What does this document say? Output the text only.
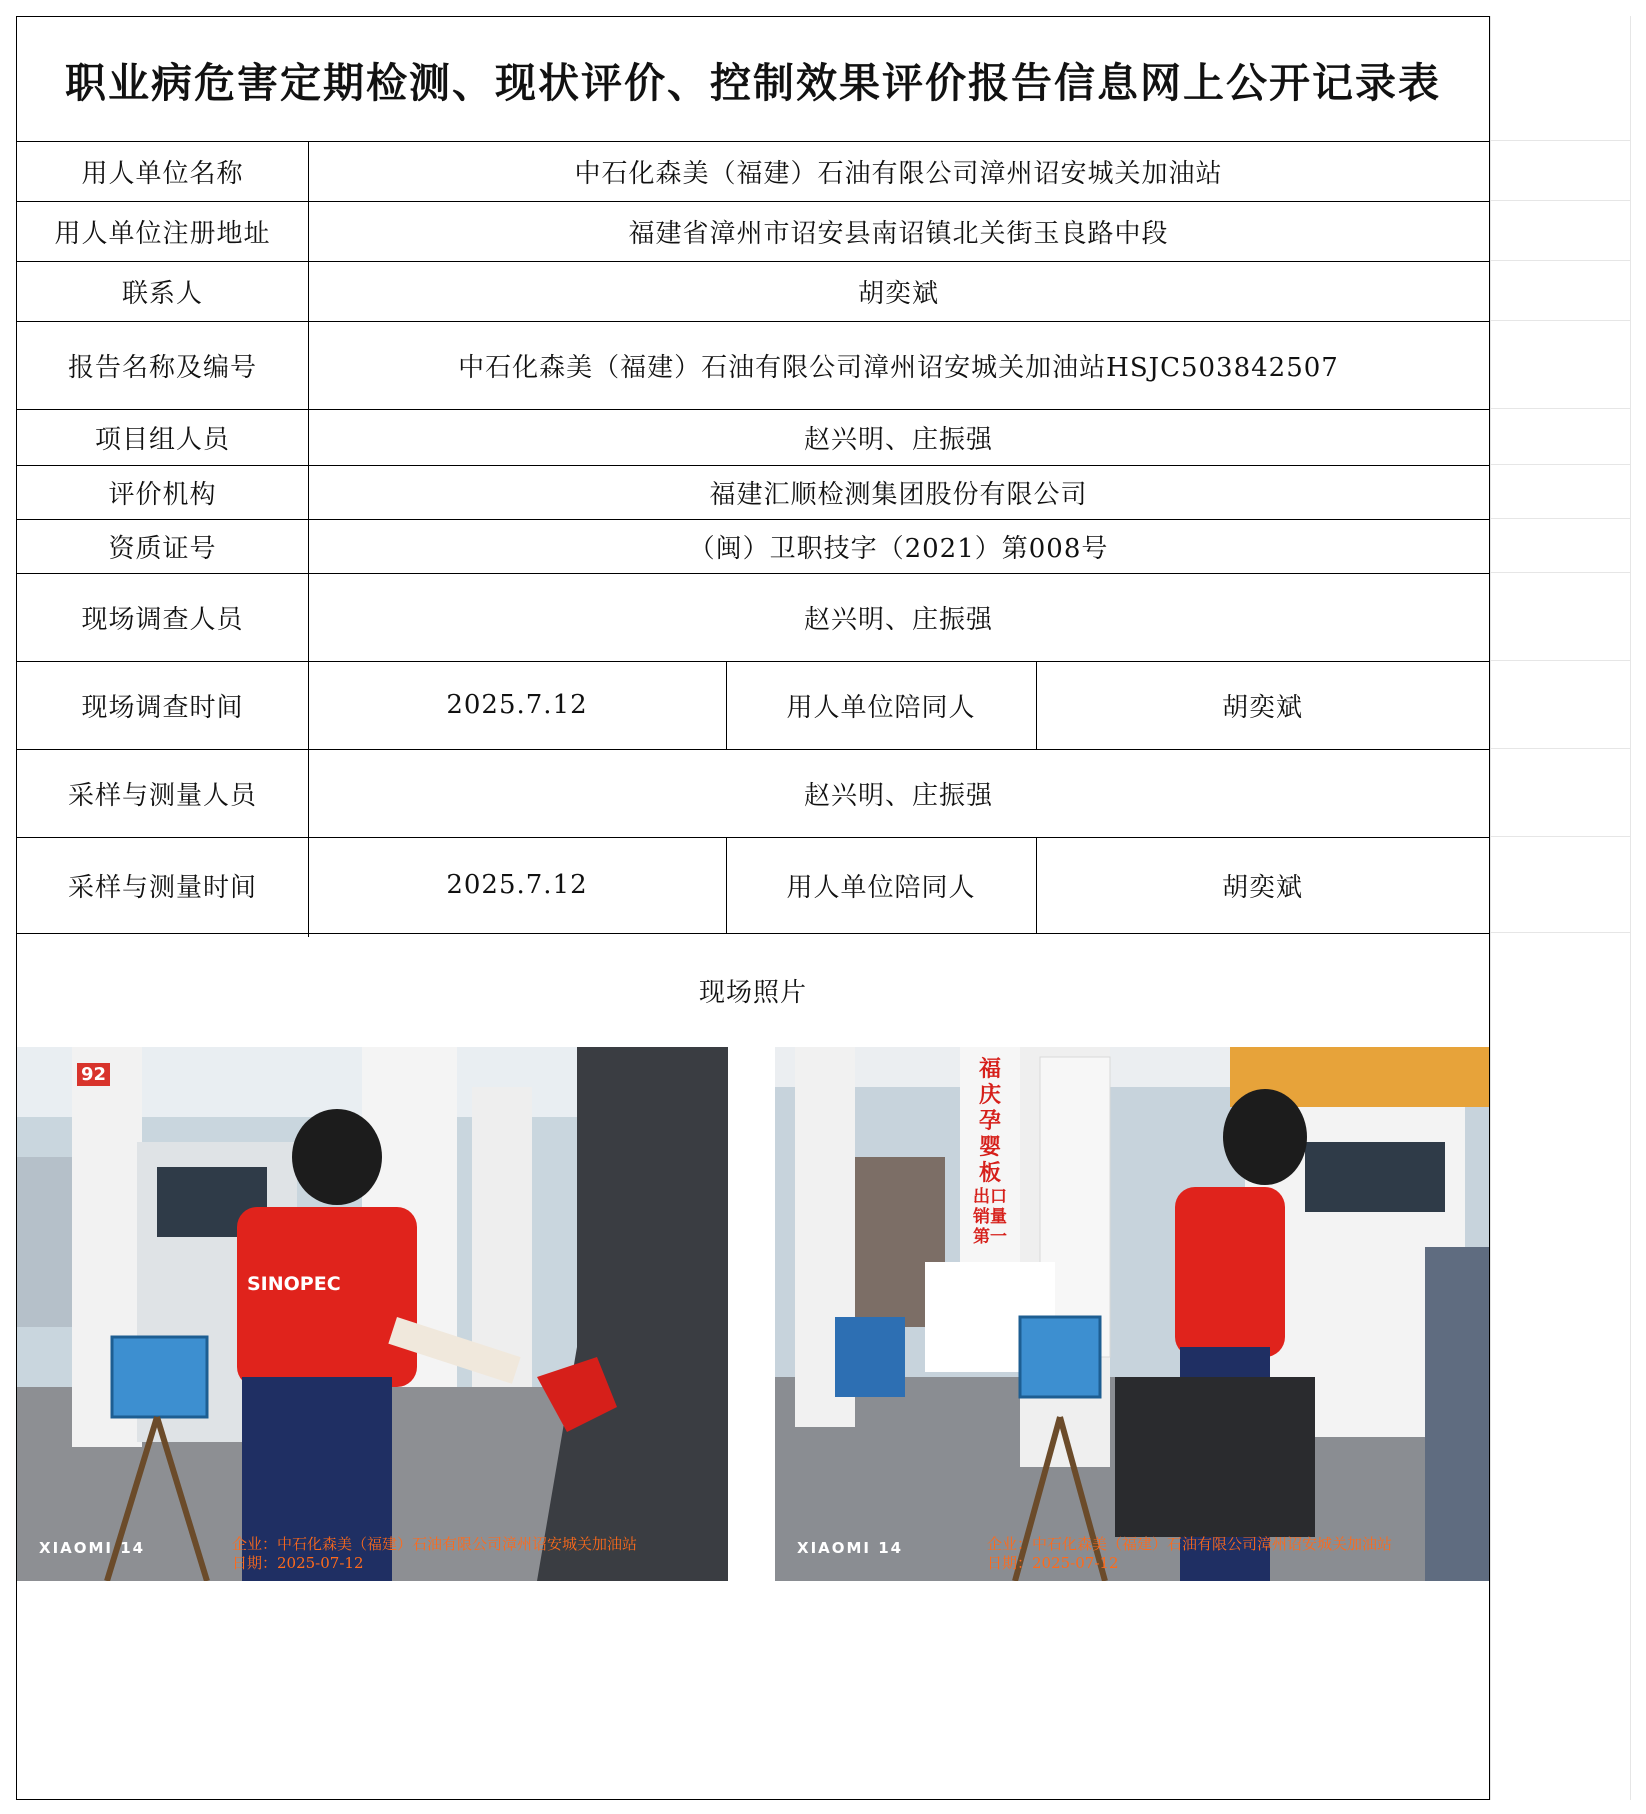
职业病危害定期检测、现状评价、控制效果评价报告信息网上公开记录表
用人单位名称	中石化森美（福建）石油有限公司漳州诏安城关加油站
用人单位注册地址	福建省漳州市诏安县南诏镇北关街玉良路中段
联系人	胡奕斌
报告名称及编号	中石化森美（福建）石油有限公司漳州诏安城关加油站HSJC503842507
项目组人员	赵兴明、庄振强
评价机构	福建汇顺检测集团股份有限公司
资质证号	（闽）卫职技字（2021）第008号
现场调查人员	赵兴明、庄振强
现场调查时间	2025.7.12	用人单位陪同人	胡奕斌
采样与测量人员	赵兴明、庄振强
采样与测量时间	2025.7.12	用人单位陪同人	胡奕斌
现场照片
SINOPEC
92
XIAOMI 14	企业：中石化森美（福建）石油有限公司漳州诏安城关加油站
日期：2025-07-12
福庆孕婴板
出口销量第一
XIAOMI 14	企业：中石化森美（福建）石油有限公司漳州诏安城关加油站
日期：2025-07-12
